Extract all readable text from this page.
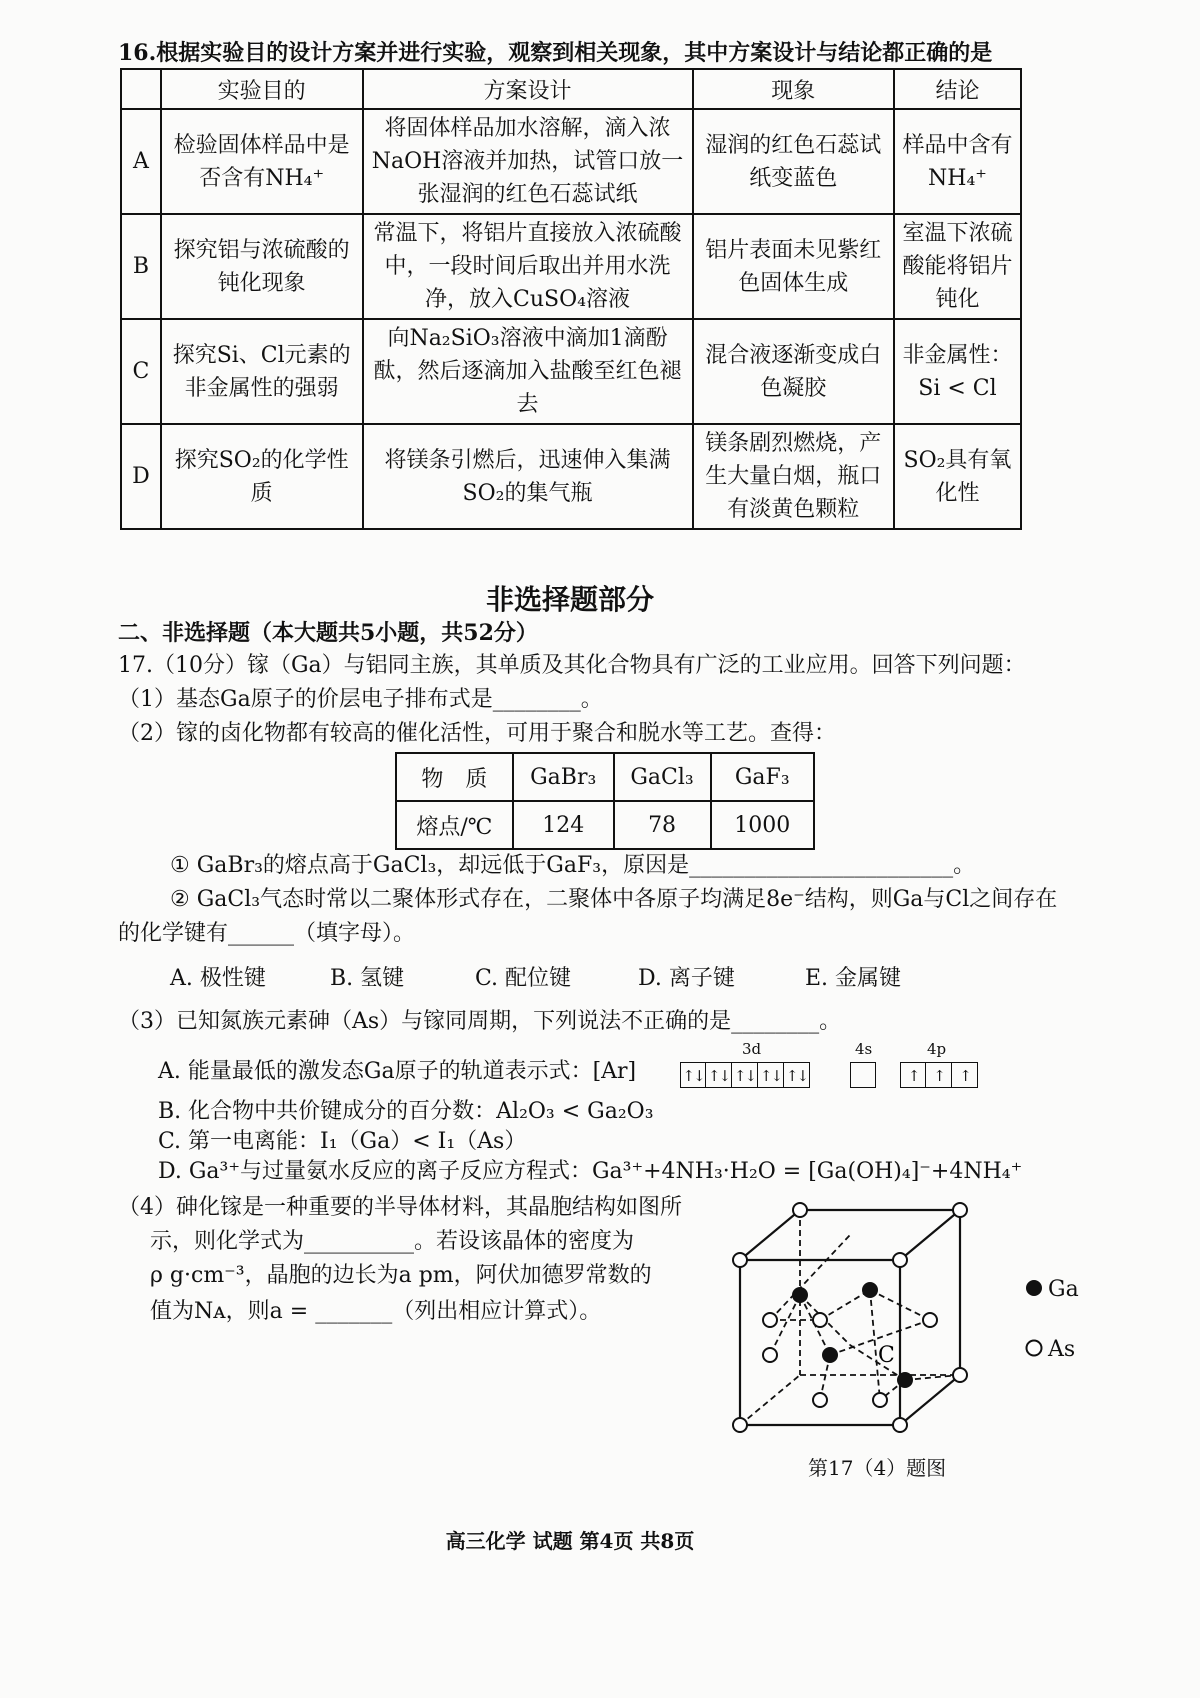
16.根据实验目的设计方案并进行实验，观察到相关现象，其中方案设计与结论都正确的是
	实验目的	方案设计	现象	结论
A	检验固体样品中是否含有NH₄⁺	将固体样品加水溶解，滴入浓NaOH溶液并加热，试管口放一张湿润的红色石蕊试纸	湿润的红色石蕊试纸变蓝色	样品中含有NH₄⁺
B	探究铝与浓硫酸的钝化现象	常温下，将铝片直接放入浓硫酸中，一段时间后取出并用水洗净，放入CuSO₄溶液	铝片表面未见紫红色固体生成	室温下浓硫酸能将铝片钝化
C	探究Si、Cl元素的非金属性的强弱	向Na₂SiO₃溶液中滴加1滴酚酞，然后逐滴加入盐酸至红色褪去	混合液逐渐变成白色凝胶	非金属性：Si < Cl
D	探究SO₂的化学性质	将镁条引燃后，迅速伸入集满SO₂的集气瓶	镁条剧烈燃烧，产生大量白烟，瓶口有淡黄色颗粒	SO₂具有氧化性
非选择题部分
二、非选择题（本大题共5小题，共52分）
17.（10分）镓（Ga）与铝同主族，其单质及其化合物具有广泛的工业应用。回答下列问题：
（1）基态Ga原子的价层电子排布式是________。
（2）镓的卤化物都有较高的催化活性，可用于聚合和脱水等工艺。查得：
物　质	GaBr₃	GaCl₃	GaF₃
熔点/℃	124	78	1000
① GaBr₃的熔点高于GaCl₃，却远低于GaF₃，原因是________________________。
② GaCl₃气态时常以二聚体形式存在，二聚体中各原子均满足8e⁻结构，则Ga与Cl之间存在
的化学键有______（填字母）。
A. 极性键	B. 氢键	C. 配位键	D. 离子键	E. 金属键
（3）已知氮族元素砷（As）与镓同周期，下列说法不正确的是________。
A. 能量最低的激发态Ga原子的轨道表示式：[Ar]
3d	4s	4p
↑↓ ↑↓ ↑↓ ↑↓ ↑↓	↑ ↑	↑
B. 化合物中共价键成分的百分数：Al₂O₃ < Ga₂O₃
C. 第一电离能：I₁（Ga）< I₁（As）
D. Ga³⁺与过量氨水反应的离子反应方程式：Ga³⁺+4NH₃·H₂O = [Ga(OH)₄]⁻+4NH₄⁺
（4）砷化镓是一种重要的半导体材料，其晶胞结构如图所
示，则化学式为__________。若设该晶体的密度为
ρ g·cm⁻³，晶胞的边长为a pm，阿伏加德罗常数的
值为Nᴀ，则a = _______（列出相应计算式）。
C
Ga
As
第17（4）题图
高三化学 试题 第4页 共8页
